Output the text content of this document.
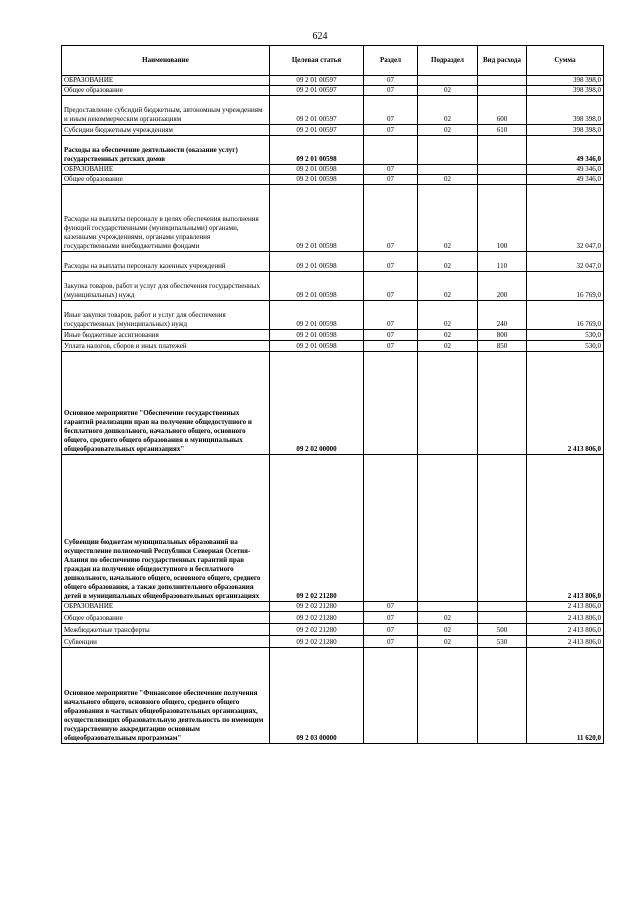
624
Наименование	Целевая статья	Раздел	Подраздел	Вид расхода	Сумма
ОБРАЗОВАНИЕ	09 2 01 00597	07			398 398,0
Общее образование	09 2 01 00597	07	02		398 398,0
Предоставление субсидий бюджетным, автономным учреждениям и иным некоммерческим организациям	09 2 01 00597	07	02	600	398 398,0
Субсидии бюджетным учреждениям	09 2 01 00597	07	02	610	398 398,0
Расходы на обеспечение деятельности (оказание услуг) государственных детских домов	09 2 01 00598				49 346,0
ОБРАЗОВАНИЕ	09 2 01 00598	07			49 346,0
Общее образование	09 2 01 00598	07	02		49 346,0
Расходы на выплаты персоналу в целях обеспечения выполнения функций государственными (муниципальными) органами, казенными учреждениями, органами управления государственными внебюджетными фондами	09 2 01 00598	07	02	100	32 047,0
Расходы на выплаты персоналу казенных учреждений	09 2 01 00598	07	02	110	32 047,0
Закупка товаров, работ и услуг для обеспечения государственных (муниципальных) нужд	09 2 01 00598	07	02	200	16 769,0
Иные закупки товаров, работ и услуг для обеспечения государственных (муниципальных) нужд	09 2 01 00598	07	02	240	16 769,0
Иные бюджетные ассигнования	09 2 01 00598	07	02	800	530,0
Уплата налогов, сборов и иных платежей	09 2 01 00598	07	02	850	530,0
Основное мероприятие "Обеспечение государственных гарантий реализации прав на получение общедоступного и бесплатного дошкольного, начального общего, основного общего, среднего общего образования в муниципальных общеобразовательных организациях"	09 2 02 00000				2 413 806,0
Субвенции бюджетам муниципальных образований на осуществление полномочий Республики Северная Осетия-Алания по обеспечению государственных гарантий прав граждан на получение общедоступного и бесплатного дошкольного, начального общего, основного общего, среднего общего образования, а также дополнительного образования детей в муниципальных общеобразовательных организациях	09 2 02 21280				2 413 806,0
ОБРАЗОВАНИЕ	09 2 02 21280	07			2 413 806,0
Общее образование	09 2 02 21280	07	02		2 413 806,0
Межбюджетные трансферты	09 2 02 21280	07	02	500	2 413 806,0
Субвенции	09 2 02 21280	07	02	530	2 413 806,0
Основное мероприятие "Финансовое обеспечение получения начального общего, основного общего, среднего общего образования в частных общеобразовательных организациях, осуществляющих образовательную деятельность по имеющим государственную аккредитацию основным общеобразовательным программам"	09 2 03 00000				11 620,0
